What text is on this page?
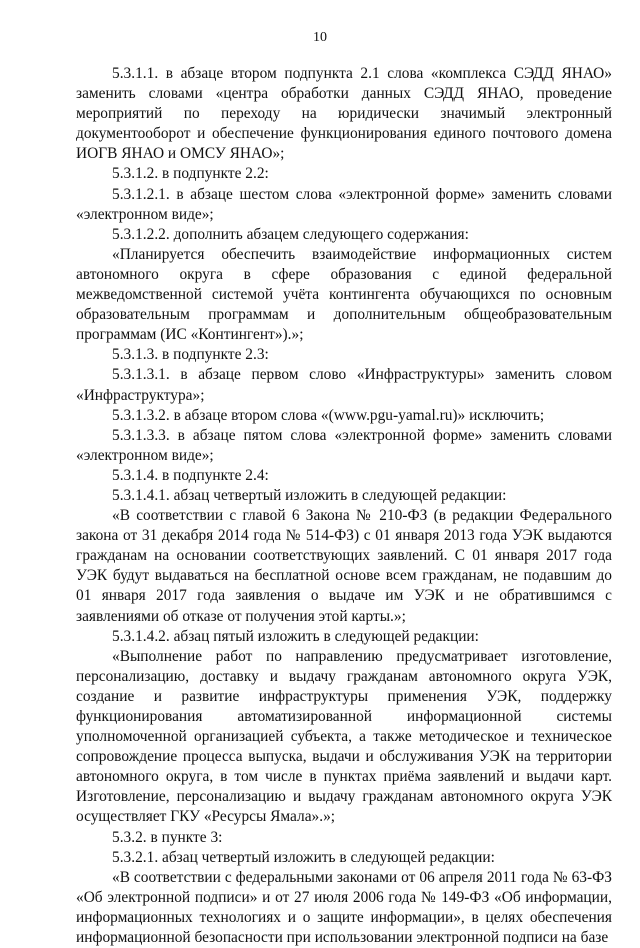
10

5.3.1.1. в абзаце втором подпункта 2.1 слова «комплекса СЭДД ЯНАО» заменить словами «центра обработки данных СЭДД ЯНАО, проведение мероприятий по переходу на юридически значимый электронный документооборот и обеспечение функционирования единого почтового домена ИОГВ ЯНАО и ОМСУ ЯНАО»;

5.3.1.2. в подпункте 2.2:

5.3.1.2.1. в абзаце шестом слова «электронной форме» заменить словами «электронном виде»;

5.3.1.2.2. дополнить абзацем следующего содержания:

«Планируется обеспечить взаимодействие информационных систем автономного округа в сфере образования с единой федеральной межведомственной системой учёта контингента обучающихся по основным образовательным программам и дополнительным общеобразовательным программам (ИС «Контингент»).»;

5.3.1.3. в подпункте 2.3:

5.3.1.3.1. в абзаце первом слово «Инфраструктуры» заменить словом «Инфраструктура»;

5.3.1.3.2. в абзаце втором слова «(www.pgu-yamal.ru)» исключить;

5.3.1.3.3. в абзаце пятом слова «электронной форме» заменить словами «электронном виде»;

5.3.1.4. в подпункте 2.4:

5.3.1.4.1. абзац четвертый изложить в следующей редакции:

«В соответствии с главой 6 Закона № 210-ФЗ (в редакции Федерального закона от 31 декабря 2014 года № 514-ФЗ) с 01 января 2013 года УЭК выдаются гражданам на основании соответствующих заявлений. С 01 января 2017 года УЭК будут выдаваться на бесплатной основе всем гражданам, не подавшим до 01 января 2017 года заявления о выдаче им УЭК и не обратившимся с заявлениями об отказе от получения этой карты.»;

5.3.1.4.2. абзац пятый изложить в следующей редакции:

«Выполнение работ по направлению предусматривает изготовление, персонализацию, доставку и выдачу гражданам автономного округа УЭК, создание и развитие инфраструктуры применения УЭК, поддержку функционирования автоматизированной информационной системы уполномоченной организацией субъекта, а также методическое и техническое сопровождение процесса выпуска, выдачи и обслуживания УЭК на территории автономного округа, в том числе в пунктах приёма заявлений и выдачи карт. Изготовление, персонализацию и выдачу гражданам автономного округа УЭК осуществляет ГКУ «Ресурсы Ямала».»;

5.3.2. в пункте 3:

5.3.2.1. абзац четвертый изложить в следующей редакции:

«В соответствии с федеральными законами от 06 апреля 2011 года № 63-ФЗ «Об электронной подписи» и от 27 июля 2006 года № 149-ФЗ «Об информации, информационных технологиях и о защите информации», в целях обеспечения информационной безопасности при использовании электронной подписи на базе
